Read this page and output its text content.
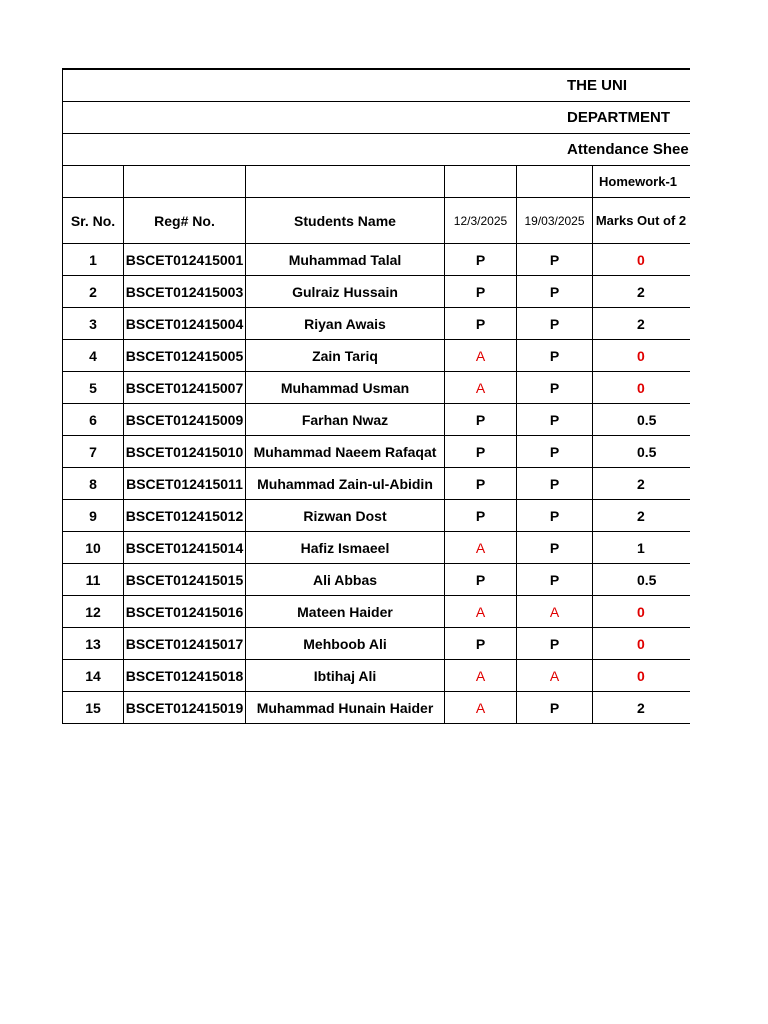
THE UNI					
DEPARTMENT					
Attendance Shee					
					Homework-1
Sr. No.	Reg# No.	Students Name	12/3/2025	19/03/2025	Marks Out of 2

1	BSCET012415001	Muhammad Talal	P	P	0
2	BSCET012415003	Gulraiz Hussain	P	P	2
3	BSCET012415004	Riyan Awais	P	P	2
4	BSCET012415005	Zain Tariq	A	P	0
5	BSCET012415007	Muhammad Usman	A	P	0
6	BSCET012415009	Farhan Nwaz	P	P	0.5
7	BSCET012415010	Muhammad Naeem Rafaqat	P	P	0.5
8	BSCET012415011	Muhammad Zain-ul-Abidin	P	P	2
9	BSCET012415012	Rizwan Dost	P	P	2
10	BSCET012415014	Hafiz Ismaeel	A	P	1
11	BSCET012415015	Ali Abbas	P	P	0.5
12	BSCET012415016	Mateen Haider	A	A	0
13	BSCET012415017	Mehboob Ali	P	P	0
14	BSCET012415018	Ibtihaj Ali	A	A	0
15	BSCET012415019	Muhammad Hunain Haider	A	P	2
